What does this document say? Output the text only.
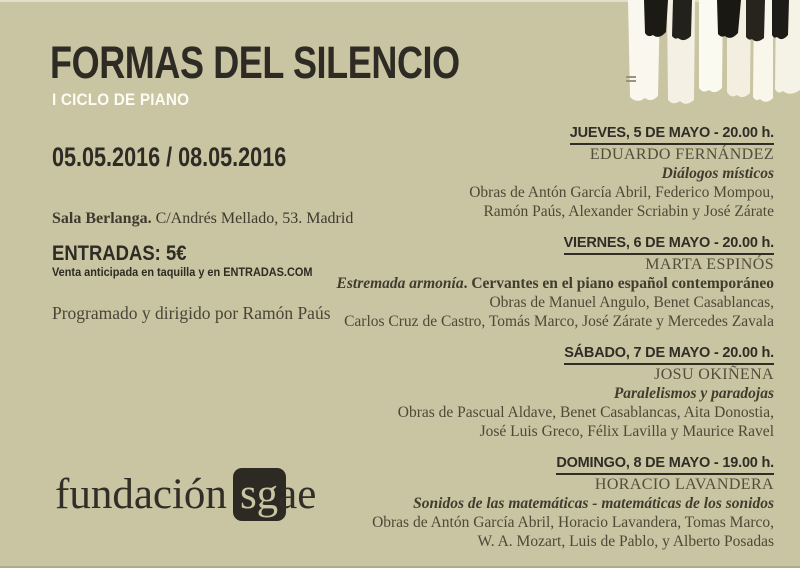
FORMAS DEL SILENCIO
I CICLO DE PIANO
05.05.2016 / 08.05.2016
Sala Berlanga. C/Andrés Mellado, 53. Madrid
ENTRADAS: 5€
Venta anticipada en taquilla y en ENTRADAS.COM
Programado y dirigido por Ramón Paús
fundación sgae
JUEVES, 5 DE MAYO - 20.00 h.
EDUARDO FERNÁNDEZ
Diálogos místicos
Obras de Antón García Abril, Federico Mompou,
Ramón Paús, Alexander Scriabin y José Zárate
VIERNES, 6 DE MAYO - 20.00 h.
MARTA ESPINÓS
Estremada armonía. Cervantes en el piano español contemporáneo
Obras de Manuel Angulo, Benet Casablancas,
Carlos Cruz de Castro, Tomás Marco, José Zárate y Mercedes Zavala
SÁBADO, 7 DE MAYO - 20.00 h.
JOSU OKIÑENA
Paralelismos y paradojas
Obras de Pascual Aldave, Benet Casablancas, Aita Donostia,
José Luis Greco, Félix Lavilla y Maurice Ravel
DOMINGO, 8 DE MAYO - 19.00 h.
HORACIO LAVANDERA
Sonidos de las matemáticas - matemáticas de los sonidos
Obras de Antón García Abril, Horacio Lavandera, Tomas Marco,
W. A. Mozart, Luis de Pablo, y Alberto Posadas
